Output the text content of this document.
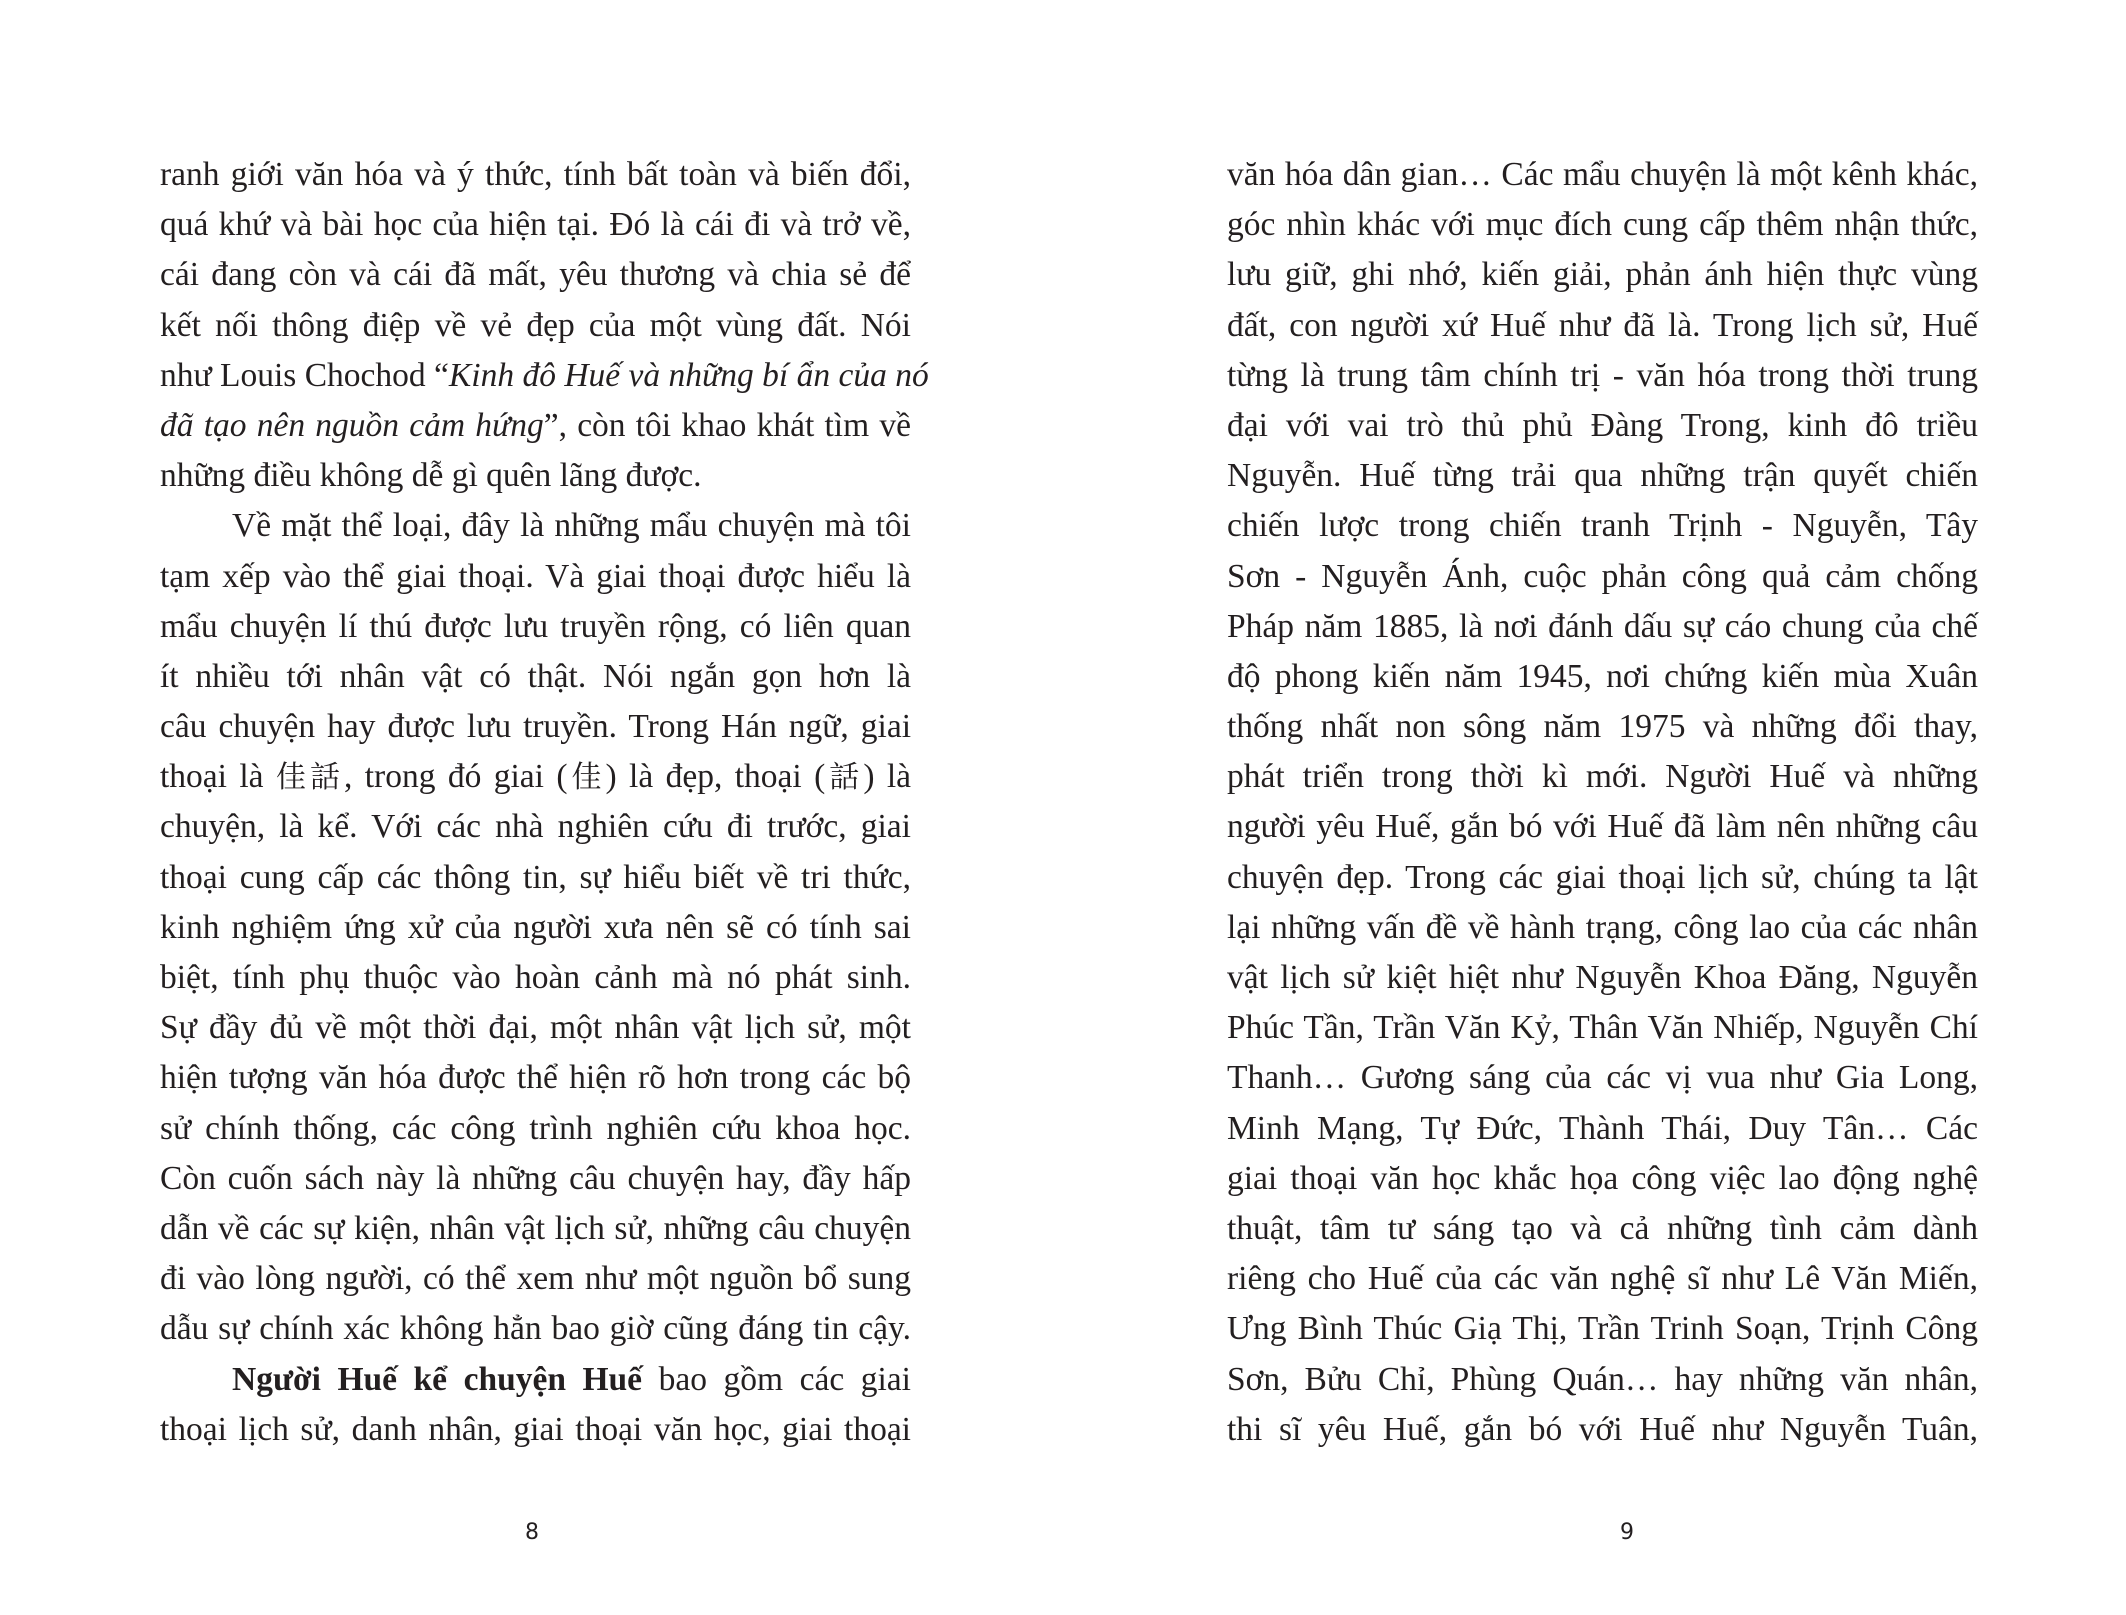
ranh giới văn hóa và ý thức, tính bất toàn và biến đổi,
quá khứ và bài học của hiện tại. Đó là cái đi và trở về,
cái đang còn và cái đã mất, yêu thương và chia sẻ để
kết nối thông điệp về vẻ đẹp của một vùng đất. Nói
như Louis Chochod “Kinh đô Huế và những bí ẩn của nó
đã tạo nên nguồn cảm hứng”, còn tôi khao khát tìm về
những điều không dễ gì quên lãng được.
Về mặt thể loại, đây là những mẩu chuyện mà tôi
tạm xếp vào thể giai thoại. Và giai thoại được hiểu là
mẩu chuyện lí thú được lưu truyền rộng, có liên quan
ít nhiều tới nhân vật có thật. Nói ngắn gọn hơn là
câu chuyện hay được lưu truyền. Trong Hán ngữ, giai
thoại là 佳話, trong đó giai (佳) là đẹp, thoại (話) là
chuyện, là kể. Với các nhà nghiên cứu đi trước, giai
thoại cung cấp các thông tin, sự hiểu biết về tri thức,
kinh nghiệm ứng xử của người xưa nên sẽ có tính sai
biệt, tính phụ thuộc vào hoàn cảnh mà nó phát sinh.
Sự đầy đủ về một thời đại, một nhân vật lịch sử, một
hiện tượng văn hóa được thể hiện rõ hơn trong các bộ
sử chính thống, các công trình nghiên cứu khoa học.
Còn cuốn sách này là những câu chuyện hay, đầy hấp
dẫn về các sự kiện, nhân vật lịch sử, những câu chuyện
đi vào lòng người, có thể xem như một nguồn bổ sung
dẫu sự chính xác không hẳn bao giờ cũng đáng tin cậy.
Người Huế kể chuyện Huế bao gồm các giai
thoại lịch sử, danh nhân, giai thoại văn học, giai thoại
8
văn hóa dân gian… Các mẩu chuyện là một kênh khác,
góc nhìn khác với mục đích cung cấp thêm nhận thức,
lưu giữ, ghi nhớ, kiến giải, phản ánh hiện thực vùng
đất, con người xứ Huế như đã là. Trong lịch sử, Huế
từng là trung tâm chính trị - văn hóa trong thời trung
đại với vai trò thủ phủ Đàng Trong, kinh đô triều
Nguyễn. Huế từng trải qua những trận quyết chiến
chiến lược trong chiến tranh Trịnh - Nguyễn, Tây
Sơn - Nguyễn Ánh, cuộc phản công quả cảm chống
Pháp năm 1885, là nơi đánh dấu sự cáo chung của chế
độ phong kiến năm 1945, nơi chứng kiến mùa Xuân
thống nhất non sông năm 1975 và những đổi thay,
phát triển trong thời kì mới. Người Huế và những
người yêu Huế, gắn bó với Huế đã làm nên những câu
chuyện đẹp. Trong các giai thoại lịch sử, chúng ta lật
lại những vấn đề về hành trạng, công lao của các nhân
vật lịch sử kiệt hiệt như Nguyễn Khoa Đăng, Nguyễn
Phúc Tần, Trần Văn Kỷ, Thân Văn Nhiếp, Nguyễn Chí
Thanh… Gương sáng của các vị vua như Gia Long,
Minh Mạng, Tự Đức, Thành Thái, Duy Tân… Các
giai thoại văn học khắc họa công việc lao động nghệ
thuật, tâm tư sáng tạo và cả những tình cảm dành
riêng cho Huế của các văn nghệ sĩ như Lê Văn Miến,
Ưng Bình Thúc Giạ Thị, Trần Trinh Soạn, Trịnh Công
Sơn, Bửu Chỉ, Phùng Quán… hay những văn nhân,
thi sĩ yêu Huế, gắn bó với Huế như Nguyễn Tuân,
9
